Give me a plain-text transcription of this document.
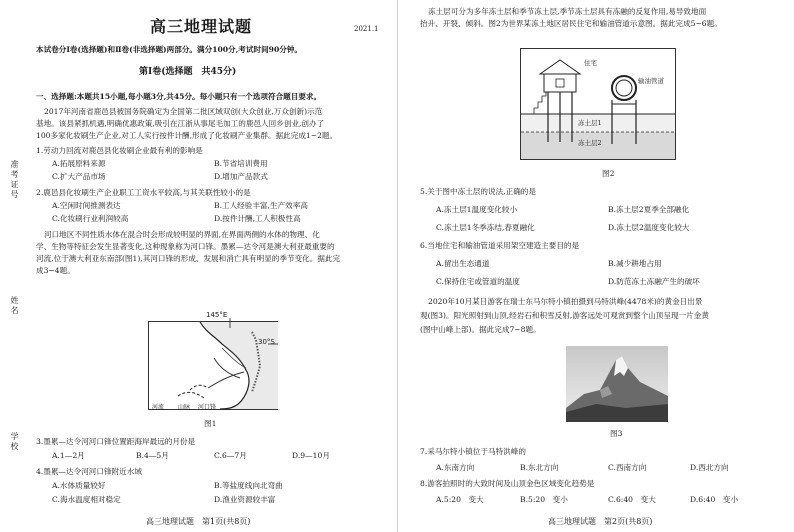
准考证号
姓名
学校
高三地理试题	2021.1
本试卷分Ⅰ卷(选择题)和Ⅱ卷(非选择题)两部分。满分100分,考试时间90分钟。
第Ⅰ卷(选择题　共45分)
一、选择题:本题共15小题,每小题3分,共45分。每小题只有一个选项符合题目要求。
2017年河南省鹿邑县被国务院确定为全国第二批区域双创(大众创业,万众创新)示范
基地。该县紧抓机遇,明确优惠政策,吸引在江浙从事尾毛加工的鹿邑人回乡创业,创办了
100多家化妆刷生产企业,对工人实行按件计酬,形成了化妆刷产业集群。据此完成1~2题。
1.劳动力回流对鹿邑县化妆刷企业最有利的影响是
A.拓展原料来源	B.节省培训费用
C.扩大产品市场	D.增加产品款式
2.鹿邑县化妆刷生产企业职工工资水平较高,与其关联性较小的是
A.空闲时间推测表达	B.工人经验丰富,生产效率高
C.化妆刷行业利润较高	D.按件计酬,工人积极性高
河口地区不同性质水体在混合时会形成较明显的界面,在界面两侧的水体的物理、化
学、生物等特征会发生显著变化,这种现象称为河口锋。墨累—达令河是澳大利亚最重要的
河流,位于澳大利亚东南部(图1),其河口锋的形成、发展和消亡具有明显的季节变化。据此完
成3~4题。
145°E
30°S
河流 山脉 河口锋
图1
3.墨累—达令河河口锋位置距海岸最远的月份是
A.1—2月	B.4—5月	C.6—7月	D.9—10月
4.墨累—达令河河口锋附近水域
A.水体质量较好	B.等盐度线向北弯曲
C.海水温度相对稳定	D.渔业资源较丰富
高三地理试题　第1页(共8页)
冻土层可分为多年冻土层和季节冻土层,季节冻土层具有冻融的反复作用,易导致地面
抬升、开裂、倾斜。图2为世界某冻土地区居民住宅和输油管道示意图。据此完成5~6题。
住宅
输油管道
冻土层1
冻土层2
图2
5.关于图中冻土层的说法,正确的是
A.冻土层1温度变化较小	B.冻土层2夏季全部融化
C.冻土层1冬季冻结,春夏融化	D.冻土层2温度变化较大
6.当地住宅和输油管道采用架空建造主要目的是
A.留出生态通道	B.减少耕地占用
C.保持住宅或管道的温度	D.防范冻土冻融产生的破坏
2020年10月某日游客在瑞士东马尔特小镇拍摄到马特洪峰(4478米)的黄金日出景
观(图3)。阳光照射到山顶,经岩石和积雪反射,游客远处可观赏到整个山顶呈现一片金黄
(图中山峰上部)。据此完成7~8题。
图3
7.采马尔特小镇位于马特洪峰的
A.东南方向	B.东北方向	C.西南方向	D.西北方向
8.游客拍照时的大致时间及山顶金色区域变化趋势是
A.5:20　变大	B.5:20　变小	C.6:40　变大	D.6:40　变小
高三地理试题　第2页(共8页)
